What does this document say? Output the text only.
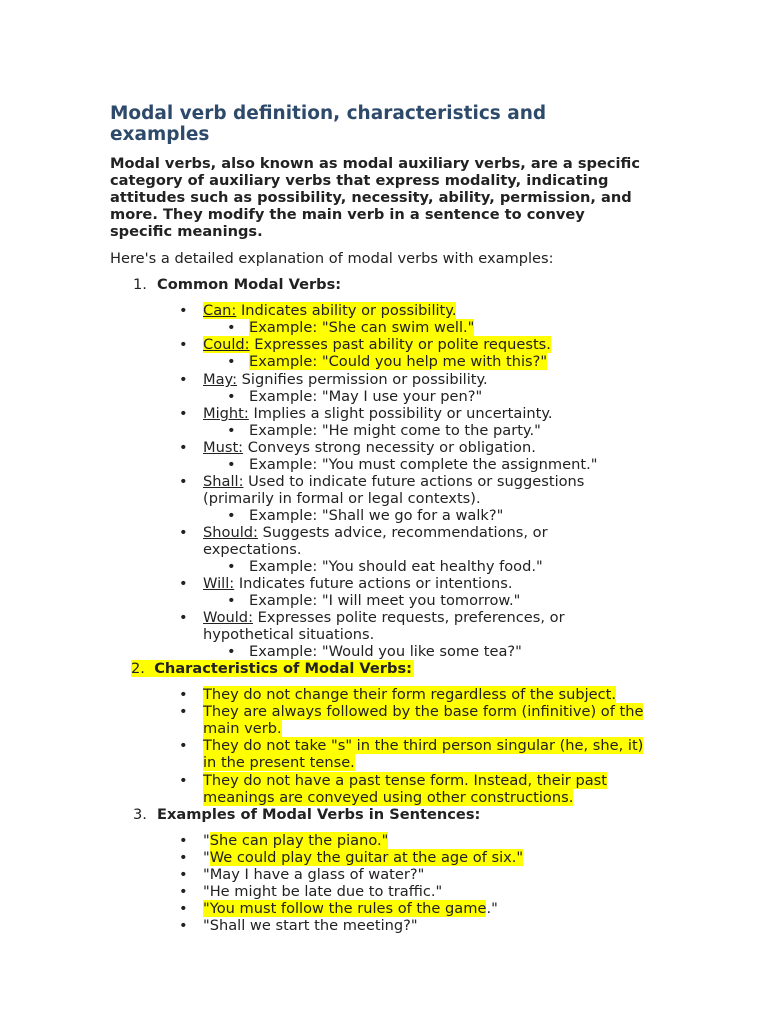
Modal verb definition, characteristics and examples

Modal verbs, also known as modal auxiliary verbs, are a specific category of auxiliary verbs that express modality, indicating attitudes such as possibility, necessity, ability, permission, and more. They modify the main verb in a sentence to convey specific meanings.

Here's a detailed explanation of modal verbs with examples:

1. Common Modal Verbs:
• Can: Indicates ability or possibility.
• Example: "She can swim well."
• Could: Expresses past ability or polite requests.
• Example: "Could you help me with this?"
• May: Signifies permission or possibility.
• Example: "May I use your pen?"
• Might: Implies a slight possibility or uncertainty.
• Example: "He might come to the party."
• Must: Conveys strong necessity or obligation.
• Example: "You must complete the assignment."
• Shall: Used to indicate future actions or suggestions (primarily in formal or legal contexts).
• Example: "Shall we go for a walk?"
• Should: Suggests advice, recommendations, or expectations.
• Example: "You should eat healthy food."
• Will: Indicates future actions or intentions.
• Example: "I will meet you tomorrow."
• Would: Expresses polite requests, preferences, or hypothetical situations.
• Example: "Would you like some tea?"
2. Characteristics of Modal Verbs:
• They do not change their form regardless of the subject.
• They are always followed by the base form (infinitive) of the main verb.
• They do not take "s" in the third person singular (he, she, it) in the present tense.
• They do not have a past tense form. Instead, their past meanings are conveyed using other constructions.
3. Examples of Modal Verbs in Sentences:
• "She can play the piano."
• "We could play the guitar at the age of six."
• "May I have a glass of water?"
• "He might be late due to traffic."
• "You must follow the rules of the game."
• "Shall we start the meeting?"
